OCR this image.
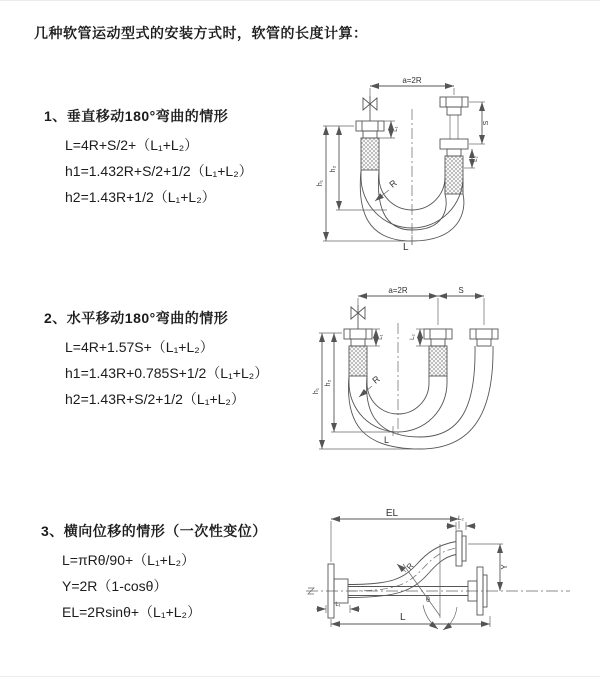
几种软管运动型式的安装方式时，软管的长度计算：
1、垂直移动180°弯曲的情形
L=4R+S/2+（L₁+L₂）
h1=1.432R+S/2+1/2（L₁+L₂）
h2=1.43R+1/2（L₁+L₂）
2、水平移动180°弯曲的情形
L=4R+1.57S+（L₁+L₂）
h1=1.43R+0.785S+1/2（L₁+L₂）
h2=1.43R+S/2+1/2（L₁+L₂）
3、横向位移的情形（一次性变位）
L=πRθ/90+（L₁+L₂）
Y=2R（1-cosθ）
EL=2Rsinθ+（L₁+L₂）
a=2R
h₁
h₂
L₁
S
L₂
R
L
a=2R	S
h₁
h₂
L₁	L₂
R
L
EL	L₂
Y
θ
R
L₁
L
